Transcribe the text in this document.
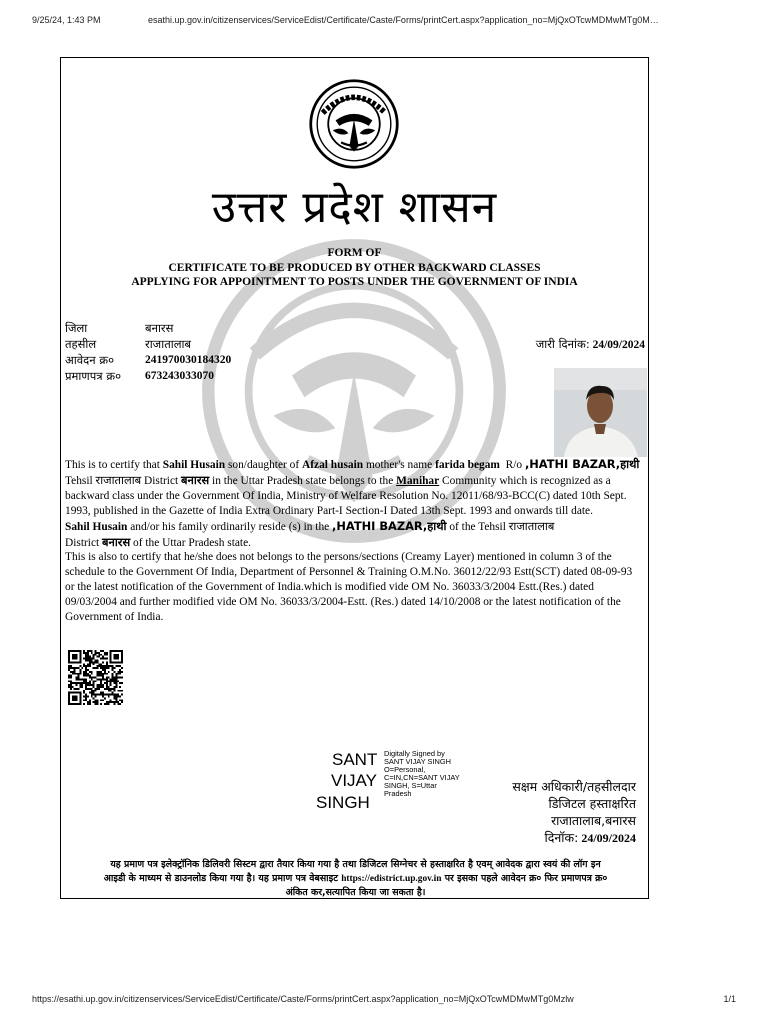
9/25/24, 1:43 PM	esathi.up.gov.in/citizenservices/ServiceEdist/Certificate/Caste/Forms/printCert.aspx?application_no=MjQxOTcwMDMwMTg0M…
उत्तर प्रदेश शासन
FORM OF
CERTIFICATE TO BE PRODUCED BY OTHER BACKWARD CLASSES
APPLYING FOR APPOINTMENT TO POSTS UNDER THE GOVERNMENT OF INDIA
जिला	बनारस
तहसील	राजातालाब
आवेदन क्र०	241970030184320
प्रमाणपत्र क्र०	673243033070
जारी दिनांक: 24/09/2024

This is to certify that Sahil Husain son/daughter of Afzal husain mother's name farida begam  R/o ,HATHI BAZAR,हाथी Tehsil राजातालाब District बनारस in the Uttar Pradesh state belongs to the Manihar Community which is recognized as a backward class under the Government Of India, Ministry of Welfare Resolution No. 12011/68/93-BCC(C) dated 10th Sept. 1993, published in the Gazette of India Extra Ordinary Part-I Section-I Dated 13th Sept. 1993 and onwards till date.

Sahil Husain and/or his family ordinarily reside (s) in the ,HATHI BAZAR,हाथी of the Tehsil राजातालाब
District बनारस of the Uttar Pradesh state.

This is also to certify that he/she does not belongs to the persons/sections (Creamy Layer) mentioned in column 3 of the schedule to the Government Of India, Department of Personnel & Training O.M.No. 36012/22/93 Estt(SCT) dated 08-09-93 or the latest notification of the Government of India.which is modified vide OM No. 36033/3/2004 Estt.(Res.) dated 09/03/2004 and further modified vide OM No. 36033/3/2004-Estt. (Res.) dated 14/10/2008 or the latest notification of the Government of India.

SANT
VIJAY
SINGH
Digitally Signed by
SANT VIJAY SINGH
O=Personal,
C=IN,CN=SANT VIJAY
SINGH, S=Uttar
Pradesh	सक्षम अधिकारी/तहसीलदार
डिजिटल हस्ताक्षरित
राजातालाब,बनारस
दिनॉक: 24/09/2024
यह प्रमाण पत्र इलेक्ट्रॉनिक डिलिवरी सिस्टम द्वारा तैयार किया गया है तथा डिजिटल सिग्नेचर से हस्ताक्षरित है एवम् आवेदक द्वारा स्वयं की लॉग इन
आइडी के माध्यम से डाउनलोड किया गया है। यह प्रमाण पत्र वेबसाइट https://edistrict.up.gov.in पर इसका पहले आवेदन क्र० फिर प्रमाणपत्र क्र०
अंकित कर,सत्यापित किया जा सकता है।
https://esathi.up.gov.in/citizenservices/ServiceEdist/Certificate/Caste/Forms/printCert.aspx?application_no=MjQxOTcwMDMwMTg0Mzlw	1/1
